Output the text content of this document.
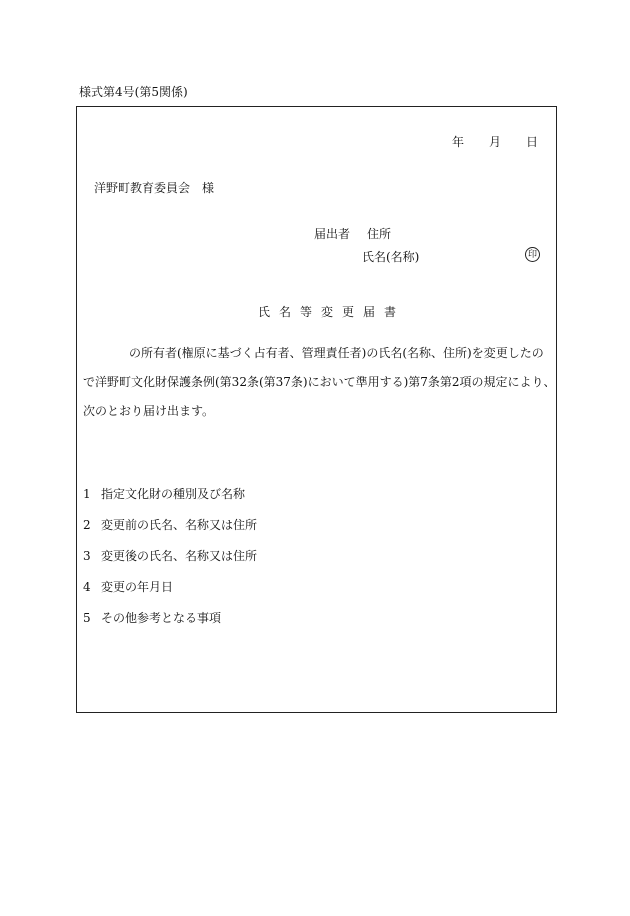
様式第4号(第5関係)
年	月	日
洋野町教育委員会　様
届出者 住所
氏名(名称)	印
氏名等変更届書
の所有者(権原に基づく占有者、管理責任者)の氏名(名称、住所)を変更したの
で洋野町文化財保護条例(第32条(第37条)において準用する)第7条第2項の規定により、
次のとおり届け出ます。
1 指定文化財の種別及び名称
2 変更前の氏名、名称又は住所
3 変更後の氏名、名称又は住所
4 変更の年月日
5 その他参考となる事項
